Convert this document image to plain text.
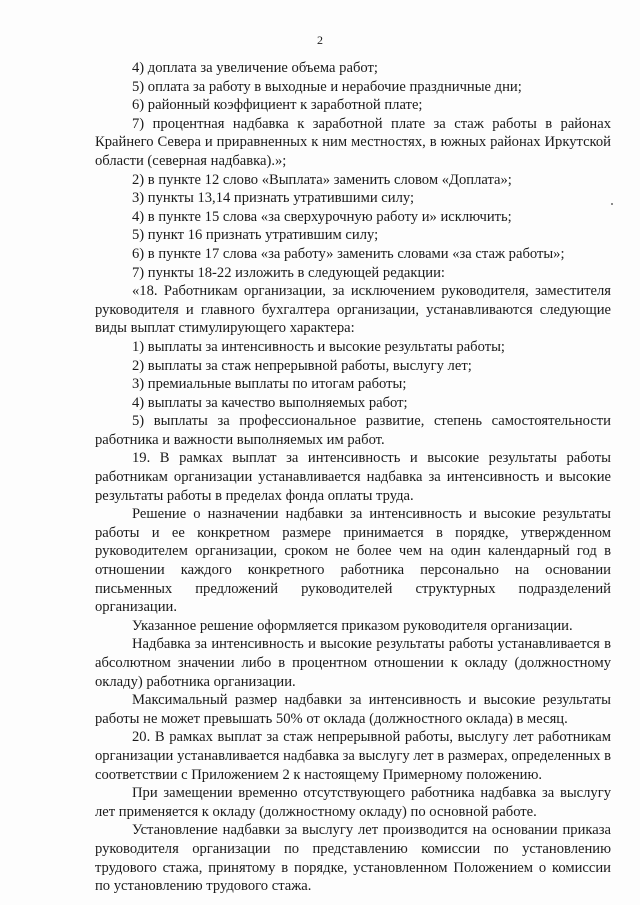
2

4) доплата за увеличение объема работ;

5) оплата за работу в выходные и нерабочие праздничные дни;

6) районный коэффициент к заработной плате;

7) процентная надбавка к заработной плате за стаж работы в районах Крайнего Севера и приравненных к ним местностях, в южных районах Иркутской области (северная надбавка).»;

2) в пункте 12 слово «Выплата» заменить словом «Доплата»;

3) пункты 13,14 признать утратившими силу;

4) в пункте 15 слова «за сверхурочную работу и» исключить;

5) пункт 16 признать утратившим силу;

6) в пункте 17 слова «за работу» заменить словами «за стаж работы»;

7) пункты 18-22 изложить в следующей редакции:

«18. Работникам организации, за исключением руководителя, заместителя руководителя и главного бухгалтера организации, устанавливаются следующие виды выплат стимулирующего характера:

1) выплаты за интенсивность и высокие результаты работы;

2) выплаты за стаж непрерывной работы, выслугу лет;

3) премиальные выплаты по итогам работы;

4) выплаты за качество выполняемых работ;

5) выплаты за профессиональное развитие, степень самостоятельности работника и важности выполняемых им работ.

19. В рамках выплат за интенсивность и высокие результаты работы работникам организации устанавливается надбавка за интенсивность и высокие результаты работы в пределах фонда оплаты труда.

Решение о назначении надбавки за интенсивность и высокие результаты работы и ее конкретном размере принимается в порядке, утвержденном руководителем организации, сроком не более чем на один календарный год в отношении каждого конкретного работника персонально на основании письменных предложений руководителей структурных подразделений организации.

Указанное решение оформляется приказом руководителя организации.

Надбавка за интенсивность и высокие результаты работы устанавливается в абсолютном значении либо в процентном отношении к окладу (должностному окладу) работника организации.

Максимальный размер надбавки за интенсивность и высокие результаты работы не может превышать 50% от оклада (должностного оклада) в месяц.

20. В рамках выплат за стаж непрерывной работы, выслугу лет работникам организации устанавливается надбавка за выслугу лет в размерах, определенных в соответствии с Приложением 2 к настоящему Примерному положению.

При замещении временно отсутствующего работника надбавка за выслугу лет применяется к окладу (должностному окладу) по основной работе.

Установление надбавки за выслугу лет производится на основании приказа руководителя организации по представлению комиссии по установлению трудового стажа, принятому в порядке, установленном Положением о комиссии по установлению трудового стажа.
